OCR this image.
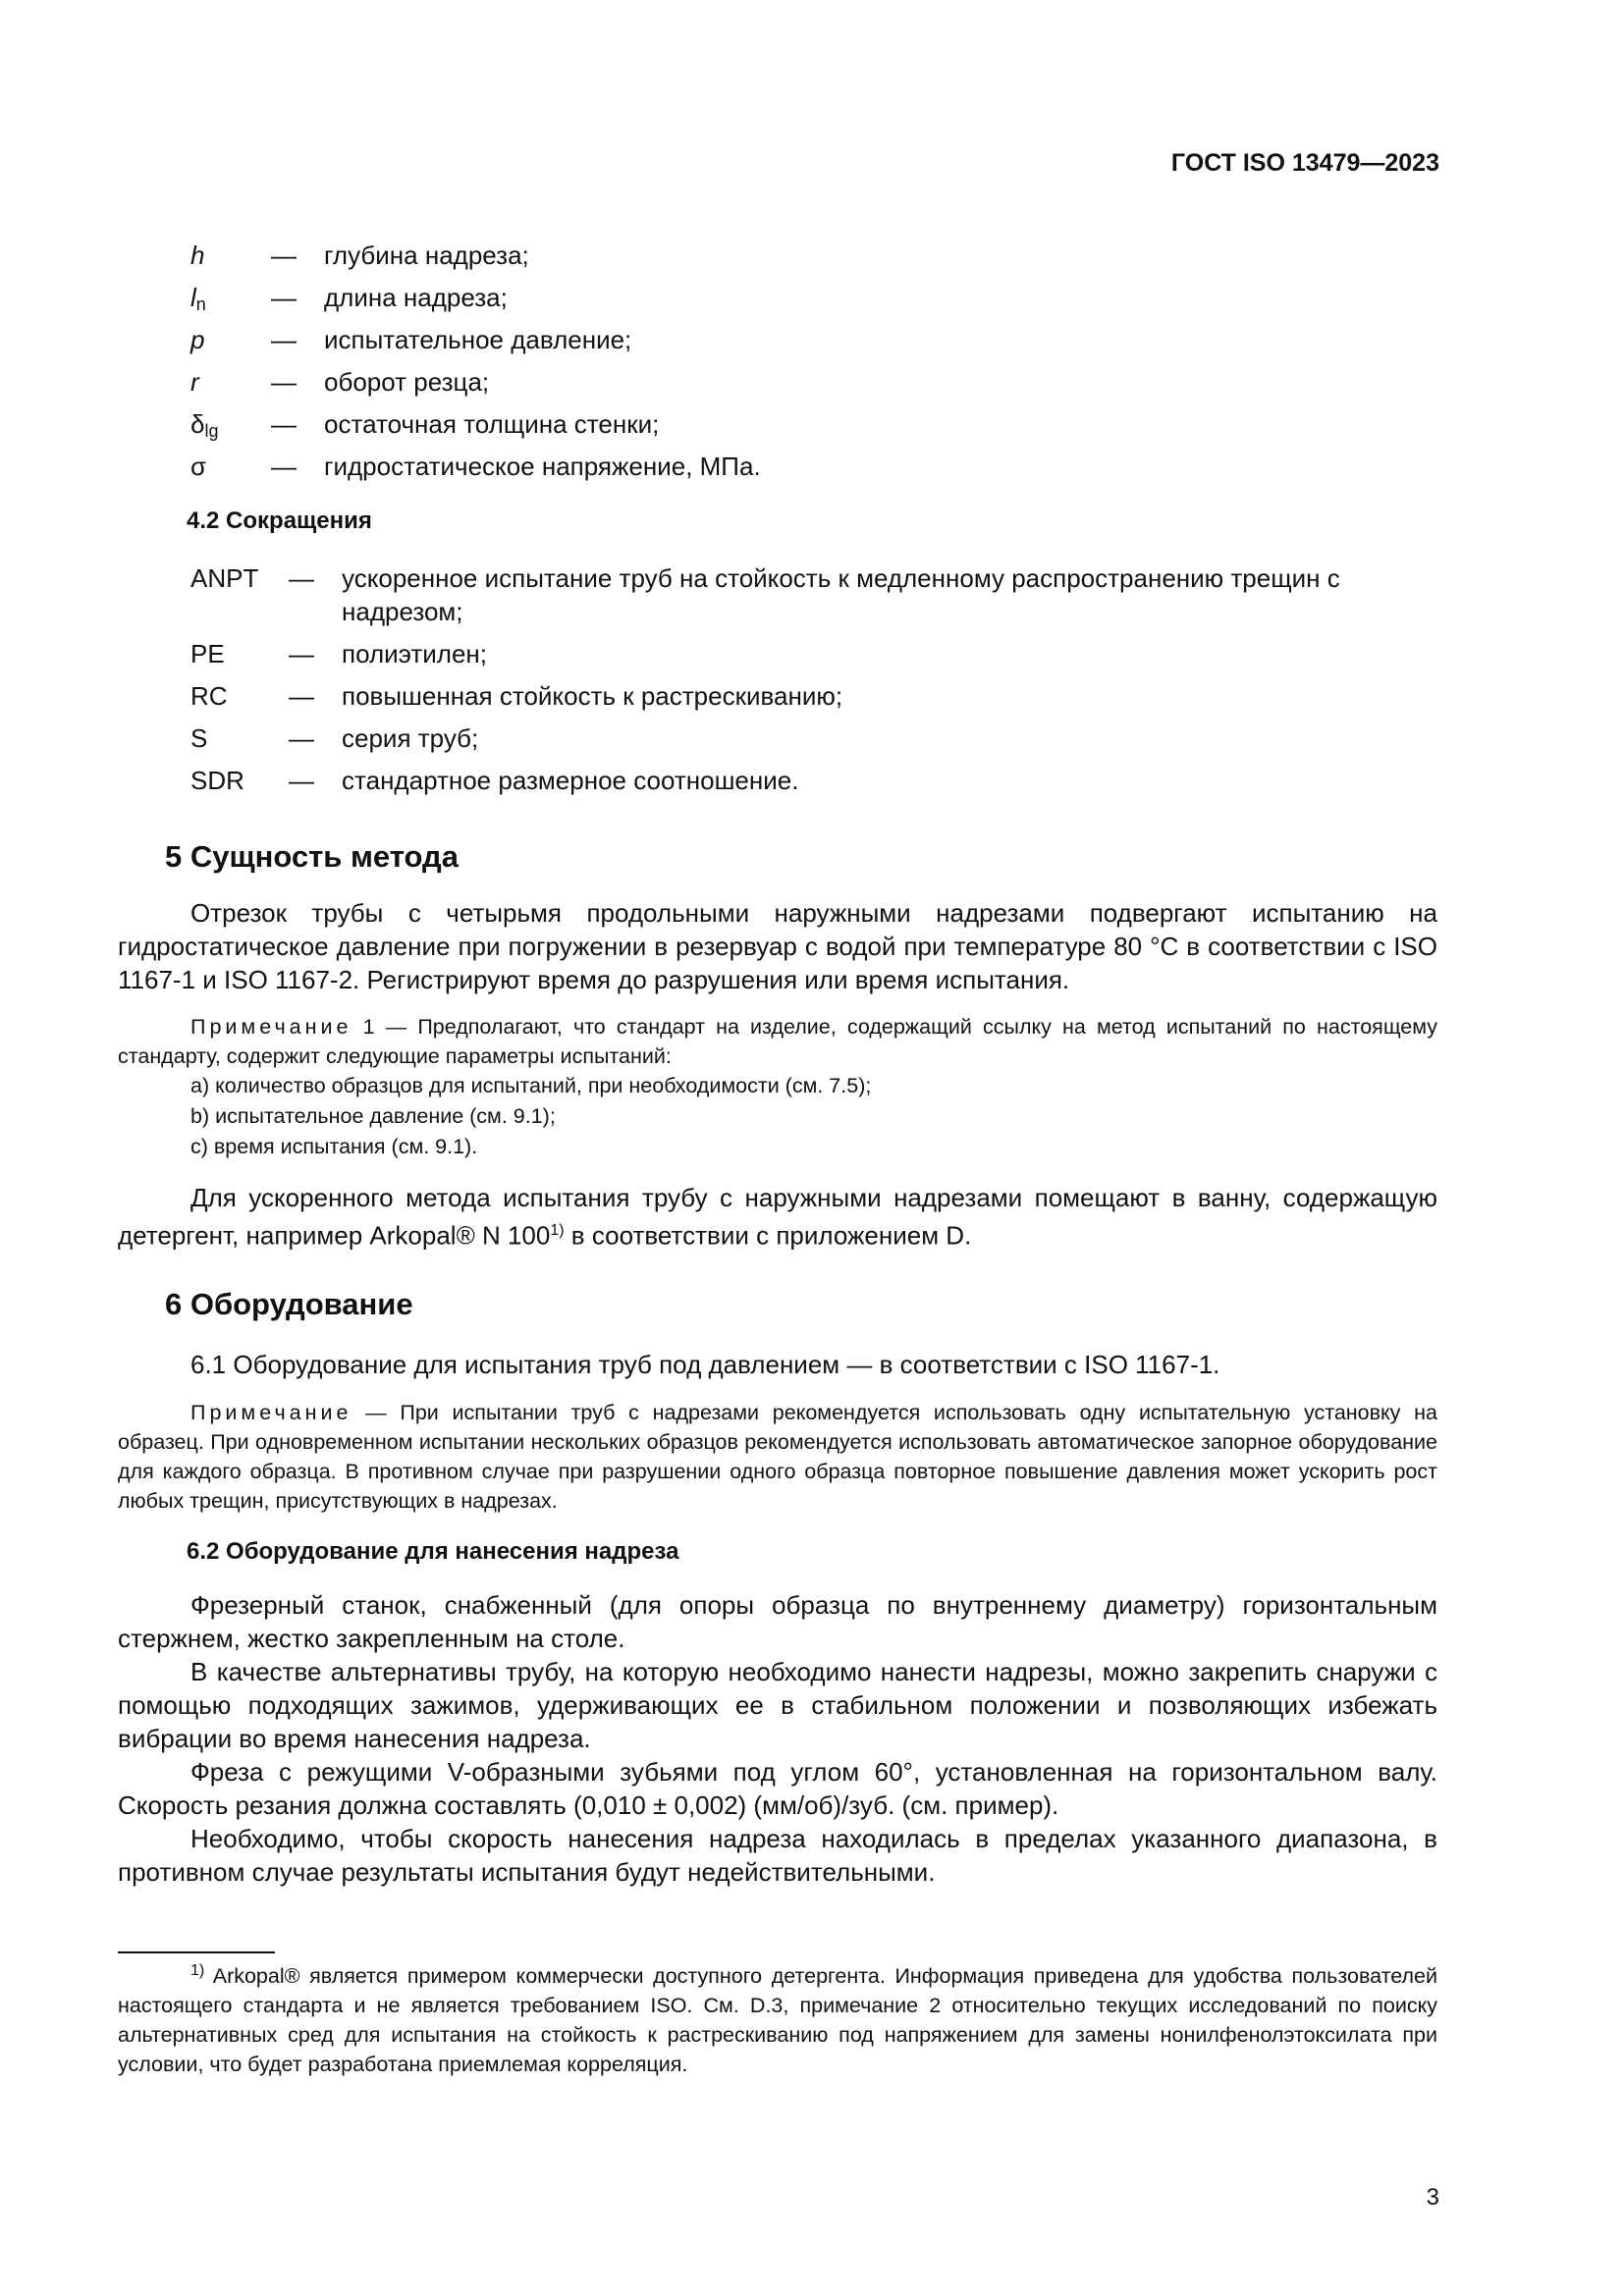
ГОСТ ISO 13479—2023
h	— глубина надреза;
$l_n$	— длина надреза;
p	— испытательное давление;
r	— оборот резца;
$\delta_{lg}$ — остаточная толщина стенки;
σ	— гидростатическое напряжение, МПа.
4.2 Сокращения
ANPT — ускоренное испытание труб на стойкость к медленному распространению трещин с надрезом;
PE	— полиэтилен;
RC — повышенная стойкость к растрескиванию;
S	— серия труб;
SDR — стандартное размерное соотношение.
5 Сущность метода
Отрезок трубы с четырьмя продольными наружными надрезами подвергают испытанию на гидростатическое давление при погружении в резервуар с водой при температуре 80 °C в соответствии с ISO 1167-1 и ISO 1167-2. Регистрируют время до разрушения или время испытания.
Примечание 1 — Предполагают, что стандарт на изделие, содержащий ссылку на метод испытаний по настоящему стандарту, содержит следующие параметры испытаний:
a) количество образцов для испытаний, при необходимости (см. 7.5);
b) испытательное давление (см. 9.1);
c) время испытания (см. 9.1).
Для ускоренного метода испытания трубу с наружными надрезами помещают в ванну, содержащую детергент, например Arkopal® N 100$^{1)}$ в соответствии с приложением D.
6 Оборудование
6.1 Оборудование для испытания труб под давлением — в соответствии с ISO 1167-1.
Примечание — При испытании труб с надрезами рекомендуется использовать одну испытательную установку на образец. При одновременном испытании нескольких образцов рекомендуется использовать автоматическое запорное оборудование для каждого образца. В противном случае при разрушении одного образца повторное повышение давления может ускорить рост любых трещин, присутствующих в надрезах.
6.2 Оборудование для нанесения надреза
Фрезерный станок, снабженный (для опоры образца по внутреннему диаметру) горизонтальным стержнем, жестко закрепленным на столе.
В качестве альтернативы трубу, на которую необходимо нанести надрезы, можно закрепить снаружи с помощью подходящих зажимов, удерживающих ее в стабильном положении и позволяющих избежать вибрации во время нанесения надреза.
Фреза с режущими V-образными зубьями под углом 60°, установленная на горизонтальном валу. Скорость резания должна составлять (0,010 ± 0,002) (мм/об)/зуб. (см. пример).
Необходимо, чтобы скорость нанесения надреза находилась в пределах указанного диапазона, в противном случае результаты испытания будут недействительными.
$^{1)}$ Arkopal® является примером коммерчески доступного детергента. Информация приведена для удобства пользователей настоящего стандарта и не является требованием ISO. См. D.3, примечание 2 относительно текущих исследований по поиску альтернативных сред для испытания на стойкость к растрескиванию под напряжением для замены нонилфенолэтоксилата при условии, что будет разработана приемлемая корреляция.
3
